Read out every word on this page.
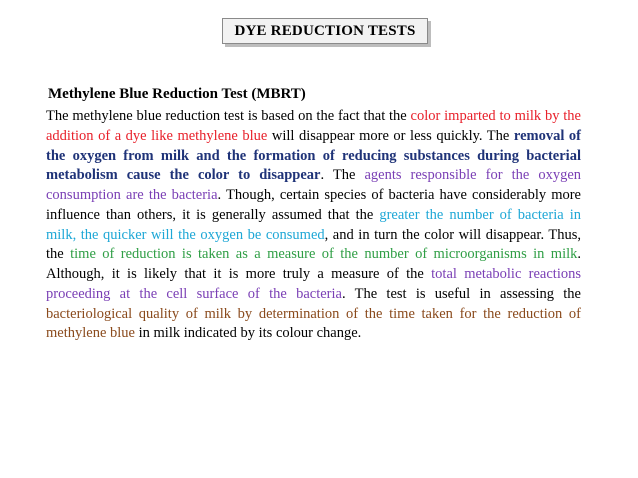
DYE REDUCTION TESTS

Methylene Blue Reduction Test (MBRT)

The methylene blue reduction test is based on the fact that the color imparted to milk by the addition of a dye like methylene blue will disappear more or less quickly. The removal of the oxygen from milk and the formation of reducing substances during bacterial metabolism cause the color to disappear. The agents responsible for the oxygen consumption are the bacteria. Though, certain species of bacteria have considerably more influence than others, it is generally assumed that the greater the number of bacteria in milk, the quicker will the oxygen be consumed, and in turn the color will disappear. Thus, the time of reduction is taken as a measure of the number of microorganisms in milk. Although, it is likely that it is more truly a measure of the total metabolic reactions proceeding at the cell surface of the bacteria. The test is useful in assessing the bacteriological quality of milk by determination of the time taken for the reduction of methylene blue in milk indicated by its colour change.
